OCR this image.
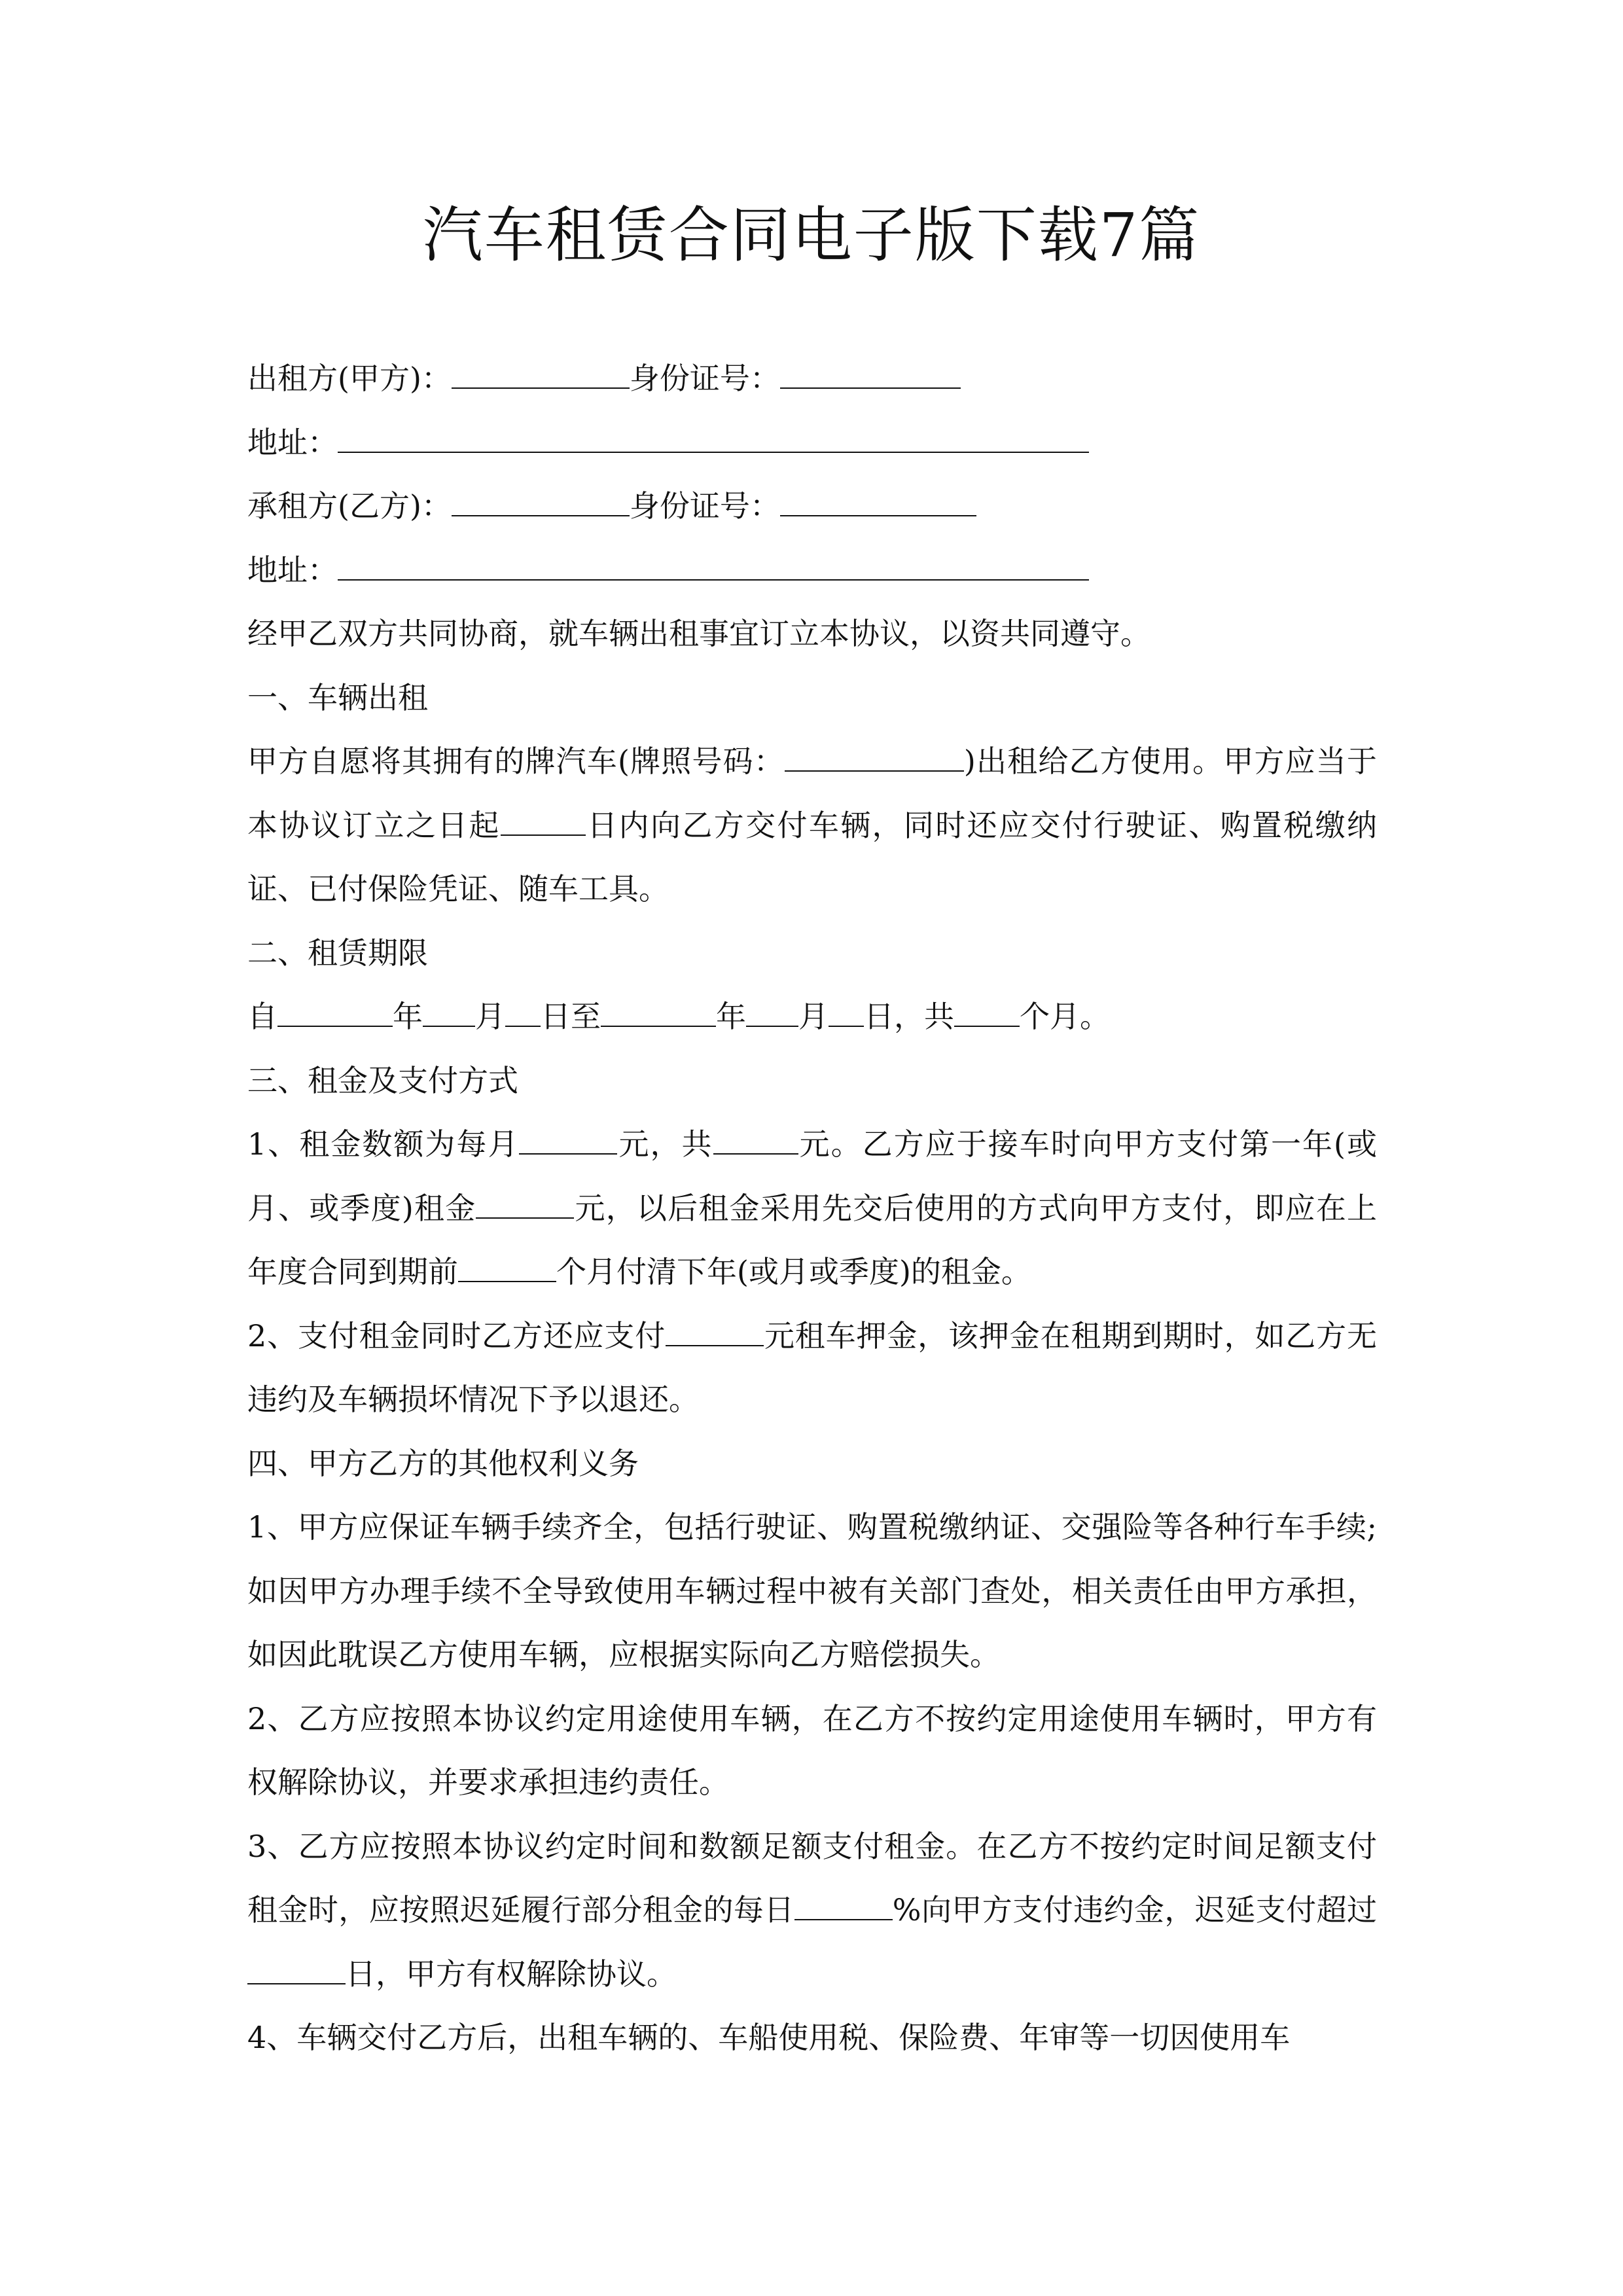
汽车租赁合同电子版下载7篇
出租方(甲方)：	身份证号：
地址：
承租方(乙方)：	身份证号：
地址：
经甲乙双方共同协商，就车辆出租事宜订立本协议，以资共同遵守。
一、车辆出租
甲方自愿将其拥有的牌汽车(牌照号码：	)出租给乙方使用。甲方应当于本协议订立之日起	日内向乙方交付车辆，同时还应交付行驶证、购置税缴纳证、已付保险凭证、随车工具。
二、租赁期限
自	年 月 日至	年 月 日，共 个月。
三、租金及支付方式
1、租金数额为每月	元，共	元。乙方应于接车时向甲方支付第一年(或月、或季度)租金	元，以后租金采用先交后使用的方式向甲方支付，即应在上年度合同到期前	个月付清下年(或月或季度)的租金。
2、支付租金同时乙方还应支付	元租车押金，该押金在租期到期时，如乙方无违约及车辆损坏情况下予以退还。
四、甲方乙方的其他权利义务
1、甲方应保证车辆手续齐全，包括行驶证、购置税缴纳证、交强险等各种行车手续;如因甲方办理手续不全导致使用车辆过程中被有关部门查处，相关责任由甲方承担，如因此耽误乙方使用车辆，应根据实际向乙方赔偿损失。
2、乙方应按照本协议约定用途使用车辆，在乙方不按约定用途使用车辆时，甲方有权解除协议，并要求承担违约责任。
3、乙方应按照本协议约定时间和数额足额支付租金。在乙方不按约定时间足额支付租金时，应按照迟延履行部分租金的每日	%向甲方支付违约金，迟延支付超过日，甲方有权解除协议。
4、车辆交付乙方后，出租车辆的、车船使用税、保险费、年审等一切因使用车
